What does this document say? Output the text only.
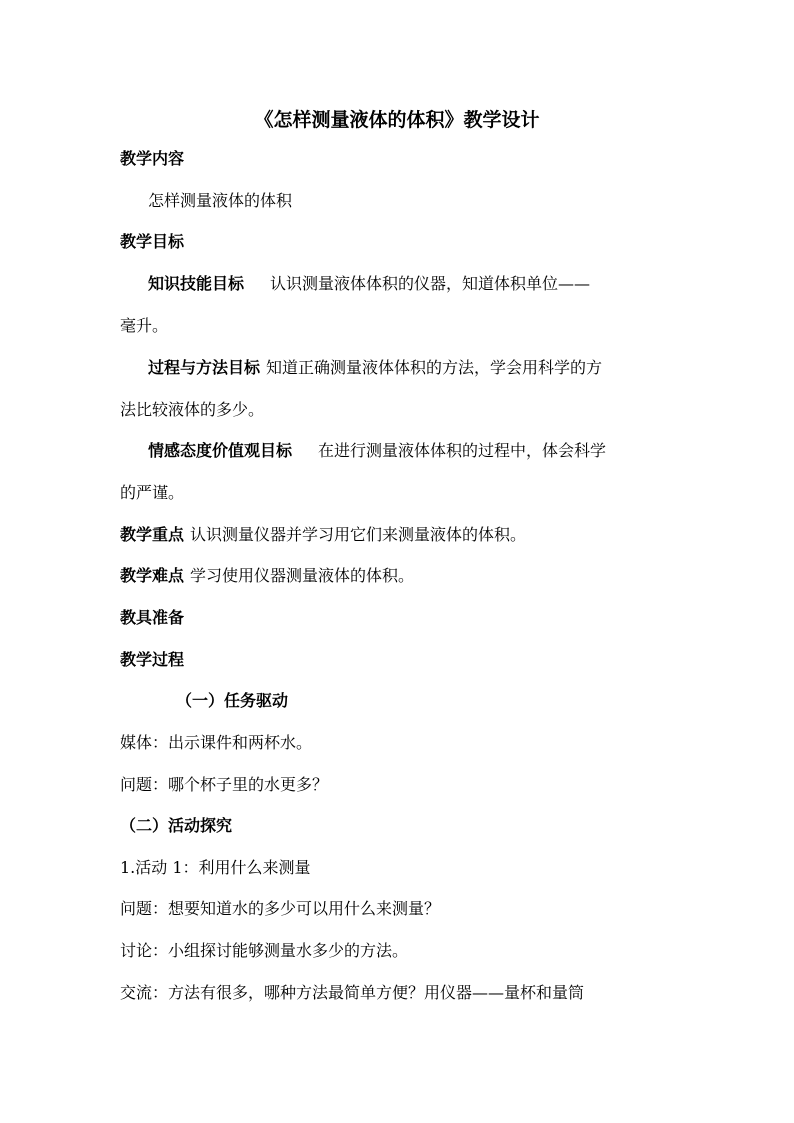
《怎样测量液体的体积》教学设计
教学内容
怎样测量液体的体积
教学目标
知识技能目标 认识测量液体体积的仪器，知道体积单位——
毫升。
过程与方法目标 知道正确测量液体体积的方法，学会用科学的方
法比较液体的多少。
情感态度价值观目标 在进行测量液体体积的过程中，体会科学
的严谨。
教学重点 认识测量仪器并学习用它们来测量液体的体积。
教学难点 学习使用仪器测量液体的体积。
教具准备
教学过程
（一）任务驱动
媒体：出示课件和两杯水。
问题：哪个杯子里的水更多？
（二）活动探究
1.活动 1：利用什么来测量
问题：想要知道水的多少可以用什么来测量？
讨论：小组探讨能够测量水多少的方法。
交流：方法有很多，哪种方法最简单方便？用仪器——量杯和量筒
